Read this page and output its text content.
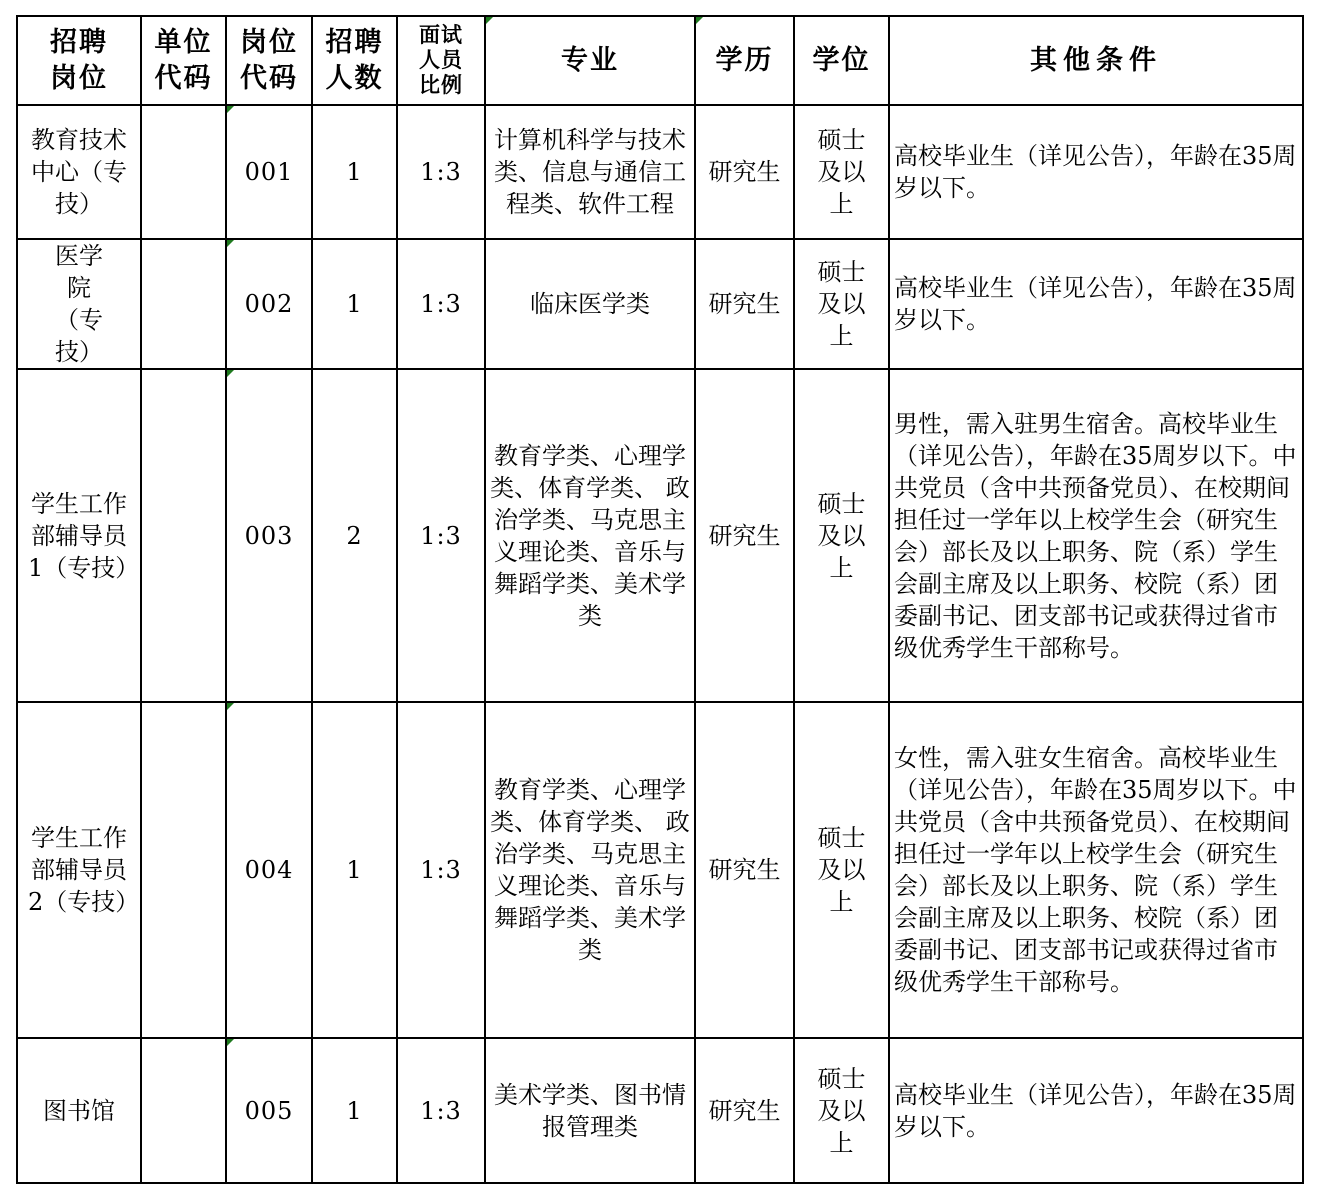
招聘岗位	单位代码	岗位代码	招聘人数	面试人员比例	专业	学历	学位	其他条件

教育技术中心（专技）		001	1	1:3	计算机科学与技术类、信息与通信工程类、软件工程	研究生	硕士及以上	高校毕业生（详见公告），年龄在35周岁以下。

医学院（专技）		002	1	1:3	临床医学类	研究生	硕士及以上	高校毕业生（详见公告），年龄在35周岁以下。

学生工作部辅导员1（专技）		003	2	1:3	教育学类、心理学类、体育学类、 政治学类、马克思主义理论类、音乐与舞蹈学类、美术学类	研究生	硕士及以上	男性，需入驻男生宿舍。高校毕业生（详见公告），年龄在35周岁以下。中共党员（含中共预备党员）、在校期间担任过一学年以上校学生会（研究生会）部长及以上职务、院（系）学生会副主席及以上职务、校院（系）团委副书记、团支部书记或获得过省市级优秀学生干部称号。

学生工作部辅导员2（专技）		004	1	1:3	教育学类、心理学类、体育学类、 政治学类、马克思主义理论类、音乐与舞蹈学类、美术学类	研究生	硕士及以上	女性，需入驻女生宿舍。高校毕业生（详见公告），年龄在35周岁以下。中共党员（含中共预备党员）、在校期间担任过一学年以上校学生会（研究生会）部长及以上职务、院（系）学生会副主席及以上职务、校院（系）团委副书记、团支部书记或获得过省市级优秀学生干部称号。

图书馆		005	1	1:3	美术学类、图书情报管理类	研究生	硕士及以上	高校毕业生（详见公告），年龄在35周岁以下。
